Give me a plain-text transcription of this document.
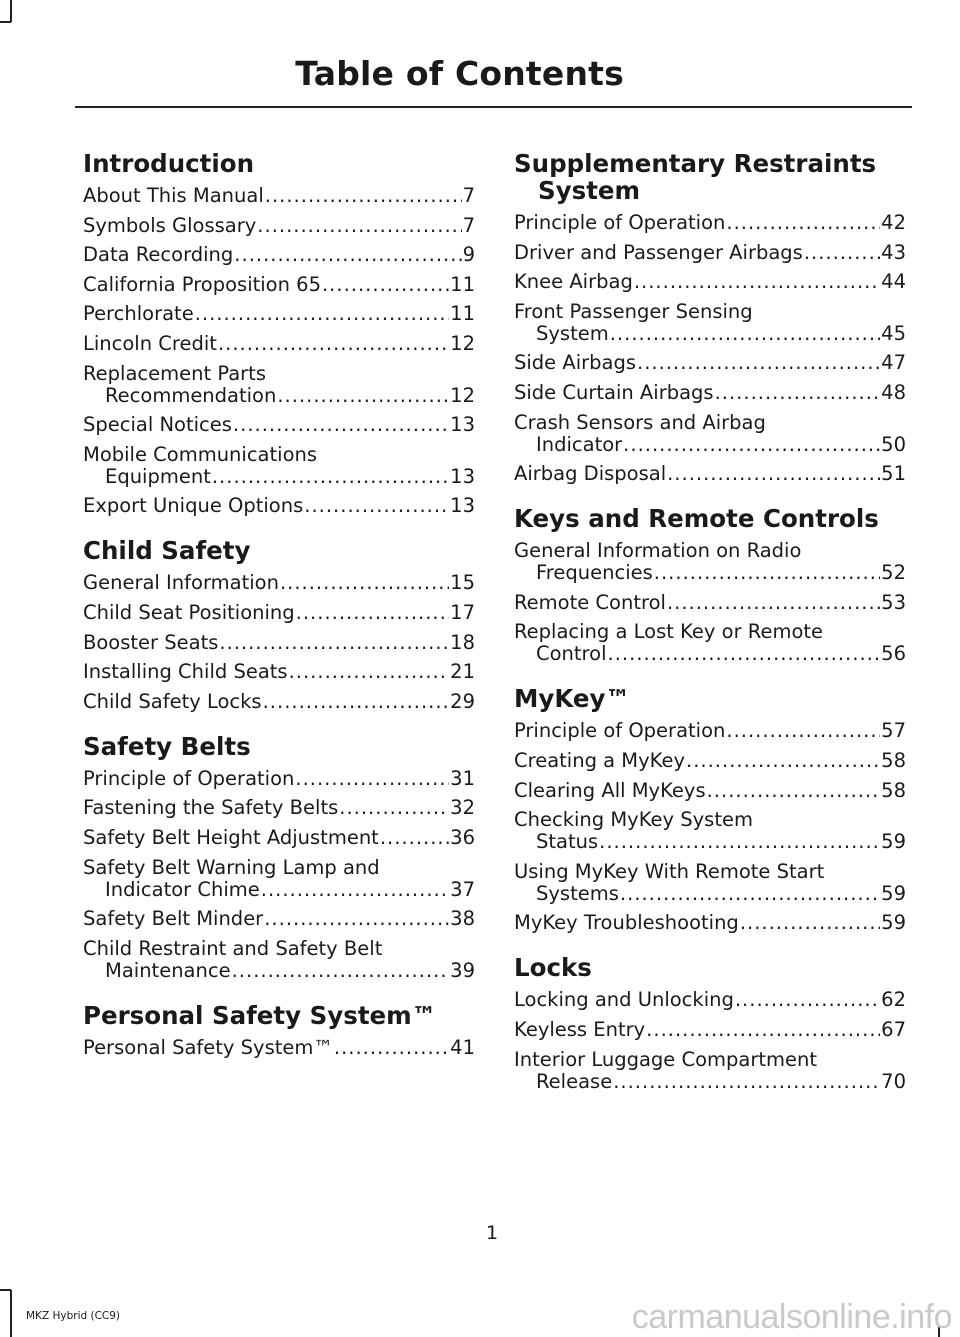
Table of Contents
Introduction
About This Manual .....	7
Symbols Glossary .....	7
Data Recording .....	9
California Proposition 65 .....	11
Perchlorate .....	11
Lincoln Credit .....	12
Replacement Parts
Recommendation .....	12
Special Notices .....	13
Mobile Communications
Equipment .....	13
Export Unique Options .....	13
Child Safety
General Information .....	15
Child Seat Positioning .....	17
Booster Seats .....	18
Installing Child Seats .....	21
Child Safety Locks .....	29
Safety Belts
Principle of Operation .....	31
Fastening the Safety Belts .....	32
Safety Belt Height Adjustment .....	36
Safety Belt Warning Lamp and
Indicator Chime .....	37
Safety Belt Minder .....	38
Child Restraint and Safety Belt
Maintenance .....	39
Personal Safety System™
Personal Safety System™ .....	41
Supplementary Restraints System
Principle of Operation .....	42
Driver and Passenger Airbags .....	43
Knee Airbag .....	44
Front Passenger Sensing
System .....	45
Side Airbags .....	47
Side Curtain Airbags .....	48
Crash Sensors and Airbag
Indicator .....	50
Airbag Disposal .....	51
Keys and Remote Controls
General Information on Radio
Frequencies .....	52
Remote Control .....	53
Replacing a Lost Key or Remote
Control .....	56
MyKey™
Principle of Operation .....	57
Creating a MyKey .....	58
Clearing All MyKeys .....	58
Checking MyKey System
Status .....	59
Using MyKey With Remote Start
Systems .....	59
MyKey Troubleshooting .....	59
Locks
Locking and Unlocking .....	62
Keyless Entry .....	67
Interior Luggage Compartment
Release .....	70
1
MKZ Hybrid (CC9)	carmanualsonline.info
